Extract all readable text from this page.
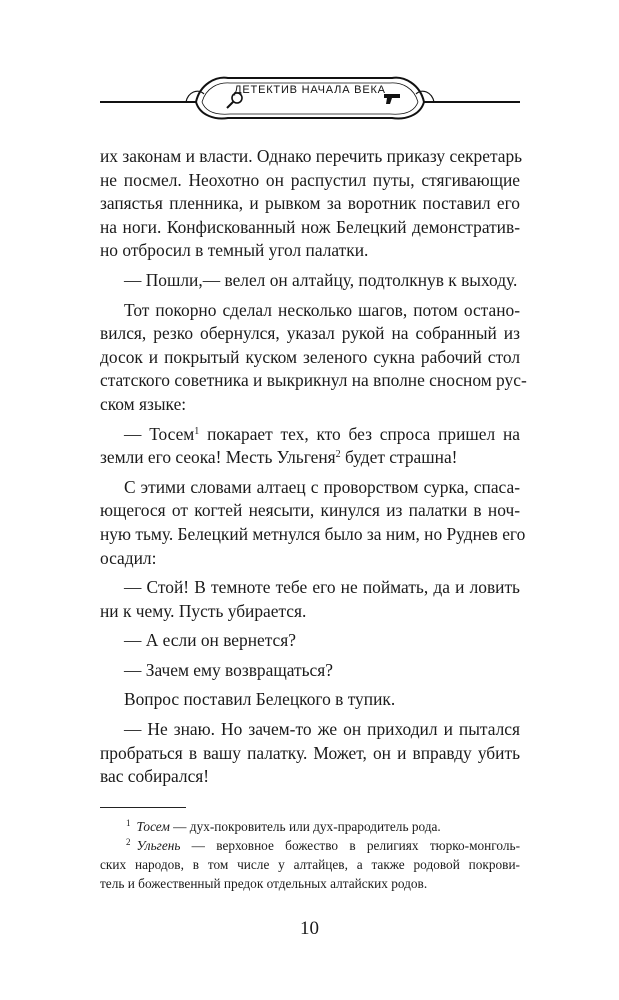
ДЕТЕКТИВ НАЧАЛА ВЕКА

их законам и власти. Однако перечить приказу секретарь
не посмел. Неохотно он распустил путы, стягивающие
запястья пленника, и рывком за воротник поставил его
на ноги. Конфискованный нож Белецкий демонстратив-
но отбросил в темный угол палатки.

— Пошли,— велел он алтайцу, подтолкнув к выходу.

Тот покорно сделал несколько шагов, потом остано-
вился, резко обернулся, указал рукой на собранный из
досок и покрытый куском зеленого сукна рабочий стол
статского советника и выкрикнул на вполне сносном рус-
ском языке:

— Тосем$^1$ покарает тех, кто без спроса пришел на
земли его сеока! Месть Ульгеня$^2$ будет страшна!

С этими словами алтаец с проворством сурка, спаса-
ющегося от когтей неясыти, кинулся из палатки в ноч-
ную тьму. Белецкий метнулся было за ним, но Руднев его
осадил:

— Стой! В темноте тебе его не поймать, да и ловить
ни к чему. Пусть убирается.

— А если он вернется?

— Зачем ему возвращаться?

Вопрос поставил Белецкого в тупик.

— Не знаю. Но зачем-то же он приходил и пытался
пробраться в вашу палатку. Может, он и вправду убить
вас собирался!

$^1$ Тосем — дух-покровитель или дух-прародитель рода.
$^2$ Ульгень — верховное божество в религиях тюрко-монголь-
ских народов, в том числе у алтайцев, а также родовой покрови-
тель и божественный предок отдельных алтайских родов.
10
